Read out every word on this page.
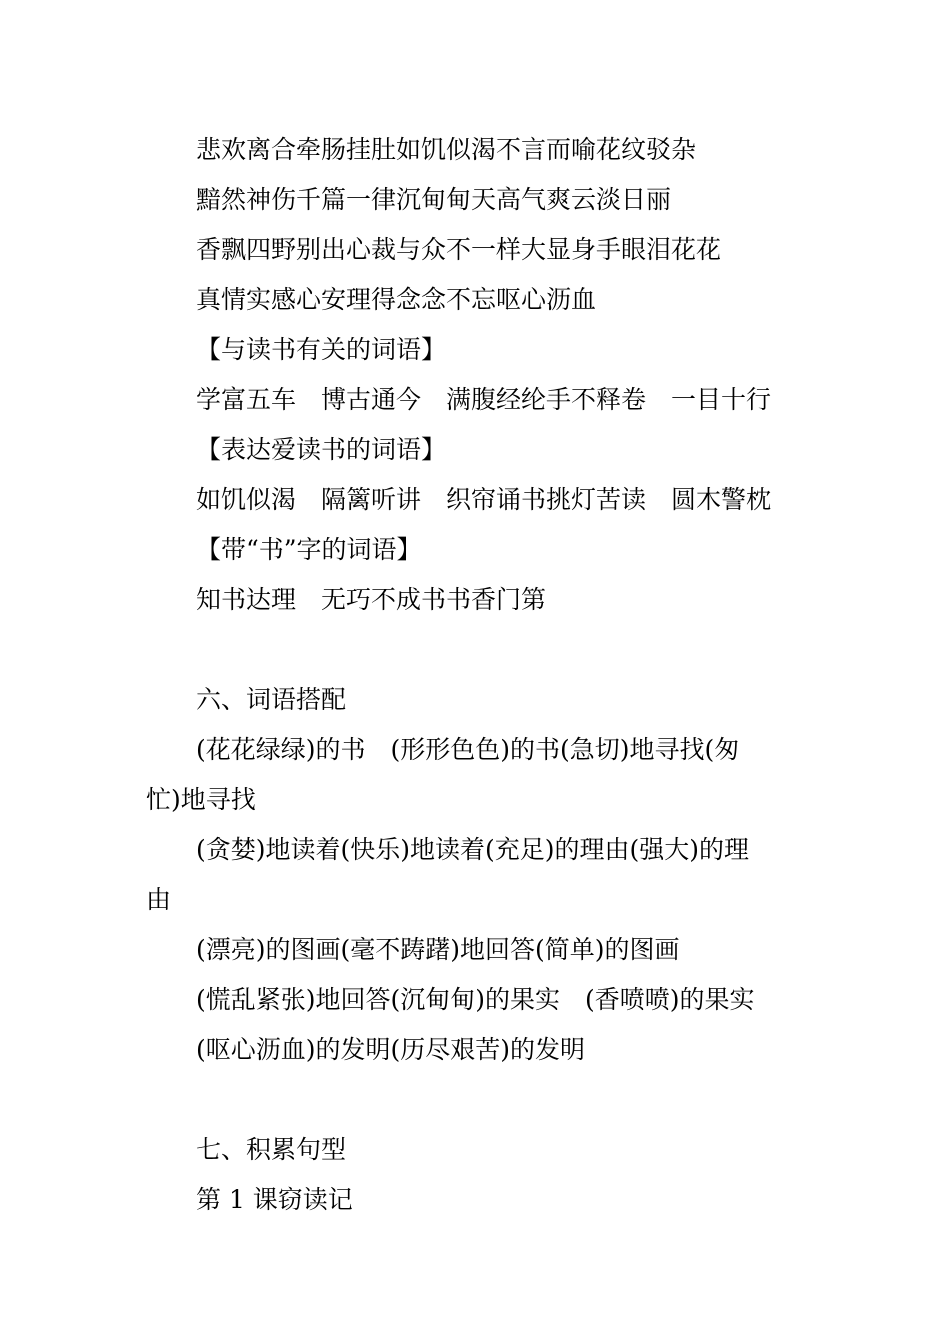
悲欢离合牵肠挂肚如饥似渴不言而喻花纹驳杂
黯然神伤千篇一律沉甸甸天高气爽云淡日丽
香飘四野别出心裁与众不一样大显身手眼泪花花
真情实感心安理得念念不忘呕心沥血
【与读书有关的词语】
学富五车　博古通今　满腹经纶手不释卷　一目十行
【表达爱读书的词语】
如饥似渴　隔篱听讲　织帘诵书挑灯苦读　圆木警枕
【带“书”字的词语】
知书达理　无巧不成书书香门第
六、词语搭配
(花花绿绿)的书　(形形色色)的书(急切)地寻找(匆
忙)地寻找
(贪婪)地读着(快乐)地读着(充足)的理由(强大)的理
由
(漂亮)的图画(毫不踌躇)地回答(简单)的图画
(慌乱紧张)地回答(沉甸甸)的果实　(香喷喷)的果实
(呕心沥血)的发明(历尽艰苦)的发明
七、积累句型
第 1 课窃读记
